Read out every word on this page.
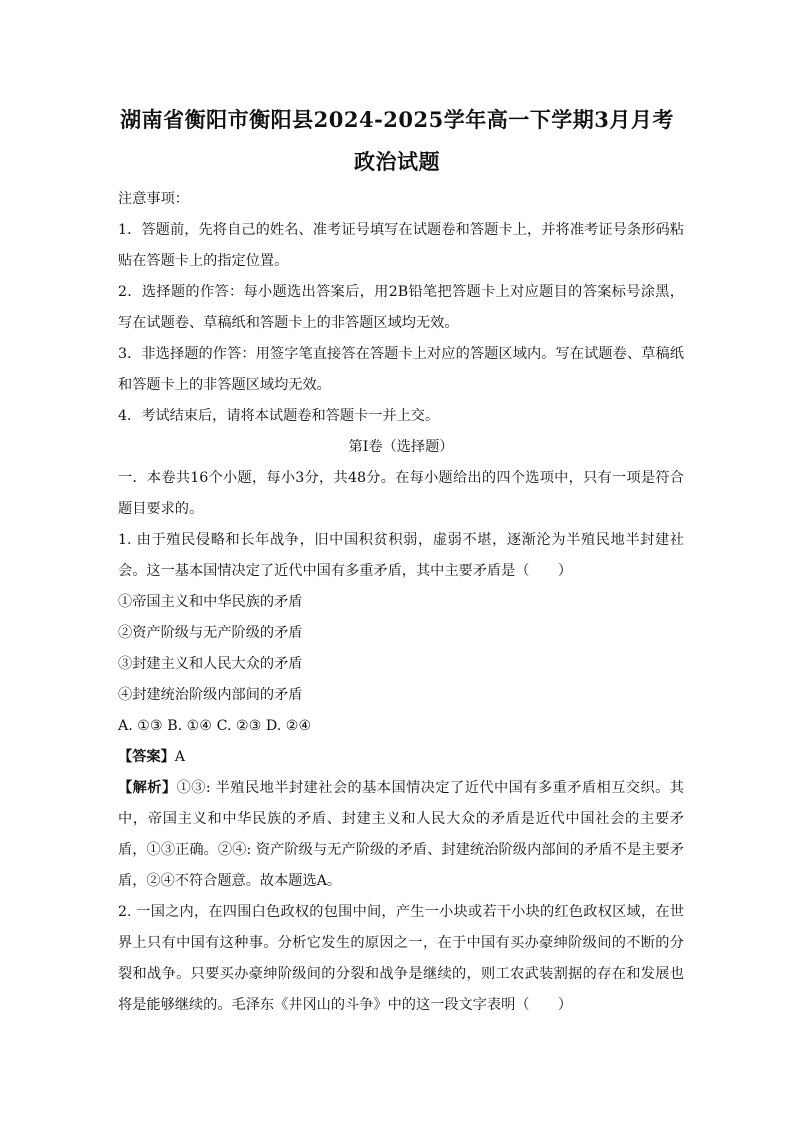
湖南省衡阳市衡阳县2024-2025学年高一下学期3月月考
政治试题

注意事项：

1．答题前，先将自己的姓名、准考证号填写在试题卷和答题卡上，并将准考证号条形码粘贴在答题卡上的指定位置。

2．选择题的作答：每小题选出答案后，用2B铅笔把答题卡上对应题目的答案标号涂黑，写在试题卷、草稿纸和答题卡上的非答题区域均无效。

3．非选择题的作答：用签字笔直接答在答题卡上对应的答题区域内。写在试题卷、草稿纸和答题卡上的非答题区域均无效。

4．考试结束后，请将本试题卷和答题卡一并上交。

第Ⅰ卷（选择题）

一．本卷共16个小题，每小3分，共48分。在每小题给出的四个选项中，只有一项是符合题目要求的。

1. 由于殖民侵略和长年战争，旧中国积贫积弱，虚弱不堪，逐渐沦为半殖民地半封建社会。这一基本国情决定了近代中国有多重矛盾，其中主要矛盾是（　　）

①帝国主义和中华民族的矛盾

②资产阶级与无产阶级的矛盾

③封建主义和人民大众的矛盾

④封建统治阶级内部间的矛盾

A. ①③ B. ①④ C. ②③ D. ②④

【答案】A

【解析】①③: 半殖民地半封建社会的基本国情决定了近代中国有多重矛盾相互交织。其中，帝国主义和中华民族的矛盾、封建主义和人民大众的矛盾是近代中国社会的主要矛盾，①③正确。②④: 资产阶级与无产阶级的矛盾、封建统治阶级内部间的矛盾不是主要矛盾，②④不符合题意。故本题选A。

2. 一国之内，在四围白色政权的包围中间，产生一小块或若干小块的红色政权区域，在世界上只有中国有这种事。分析它发生的原因之一，在于中国有买办豪绅阶级间的不断的分裂和战争。只要买办豪绅阶级间的分裂和战争是继续的，则工农武装割据的存在和发展也将是能够继续的。毛泽东《井冈山的斗争》中的这一段文字表明（　　）
